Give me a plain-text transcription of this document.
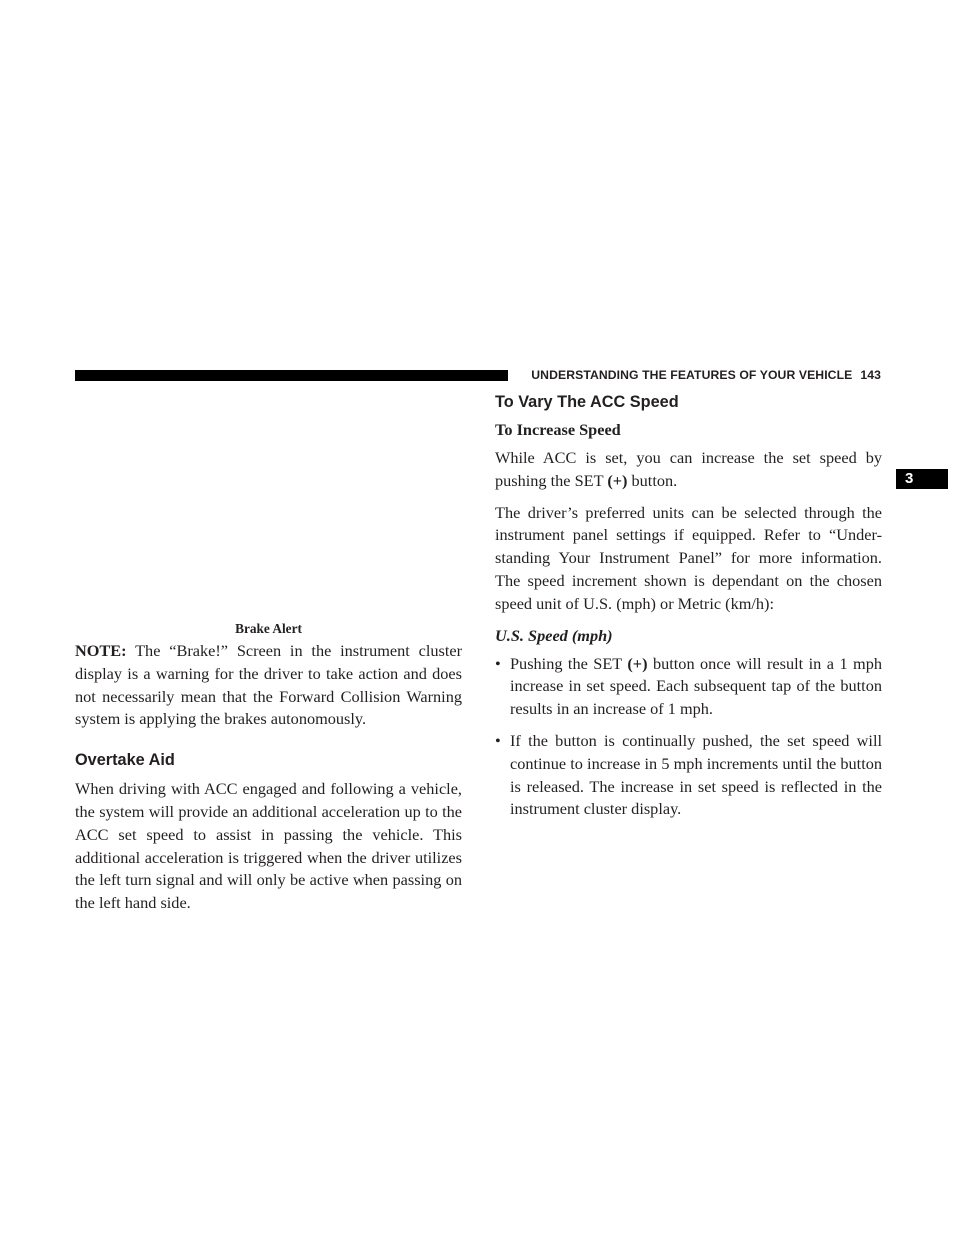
UNDERSTANDING THE FEATURES OF YOUR VEHICLE 143
3
Brake Alert

NOTE: The “Brake!” Screen in the instrument cluster display is a warning for the driver to take action and does not necessarily mean that the Forward Collision Warning system is applying the brakes autonomously.

Overtake Aid

When driving with ACC engaged and following a vehicle, the system will provide an additional acceleration up to the ACC set speed to assist in passing the vehicle. This additional acceleration is triggered when the driver utilizes the left turn signal and will only be active when passing on the left hand side.

To Vary The ACC Speed
To Increase Speed

While ACC is set, you can increase the set speed by pushing the SET (+) button.

The driver’s preferred units can be selected through the instrument panel settings if equipped. Refer to “Under-standing Your Instrument Panel” for more information. The speed increment shown is dependant on the chosen speed unit of U.S. (mph) or Metric (km/h):

U.S. Speed (mph)
• Pushing the SET (+) button once will result in a 1 mph increase in set speed. Each subsequent tap of the button results in an increase of 1 mph.
• If the button is continually pushed, the set speed will continue to increase in 5 mph increments until the button is released. The increase in set speed is reflected in the instrument cluster display.
